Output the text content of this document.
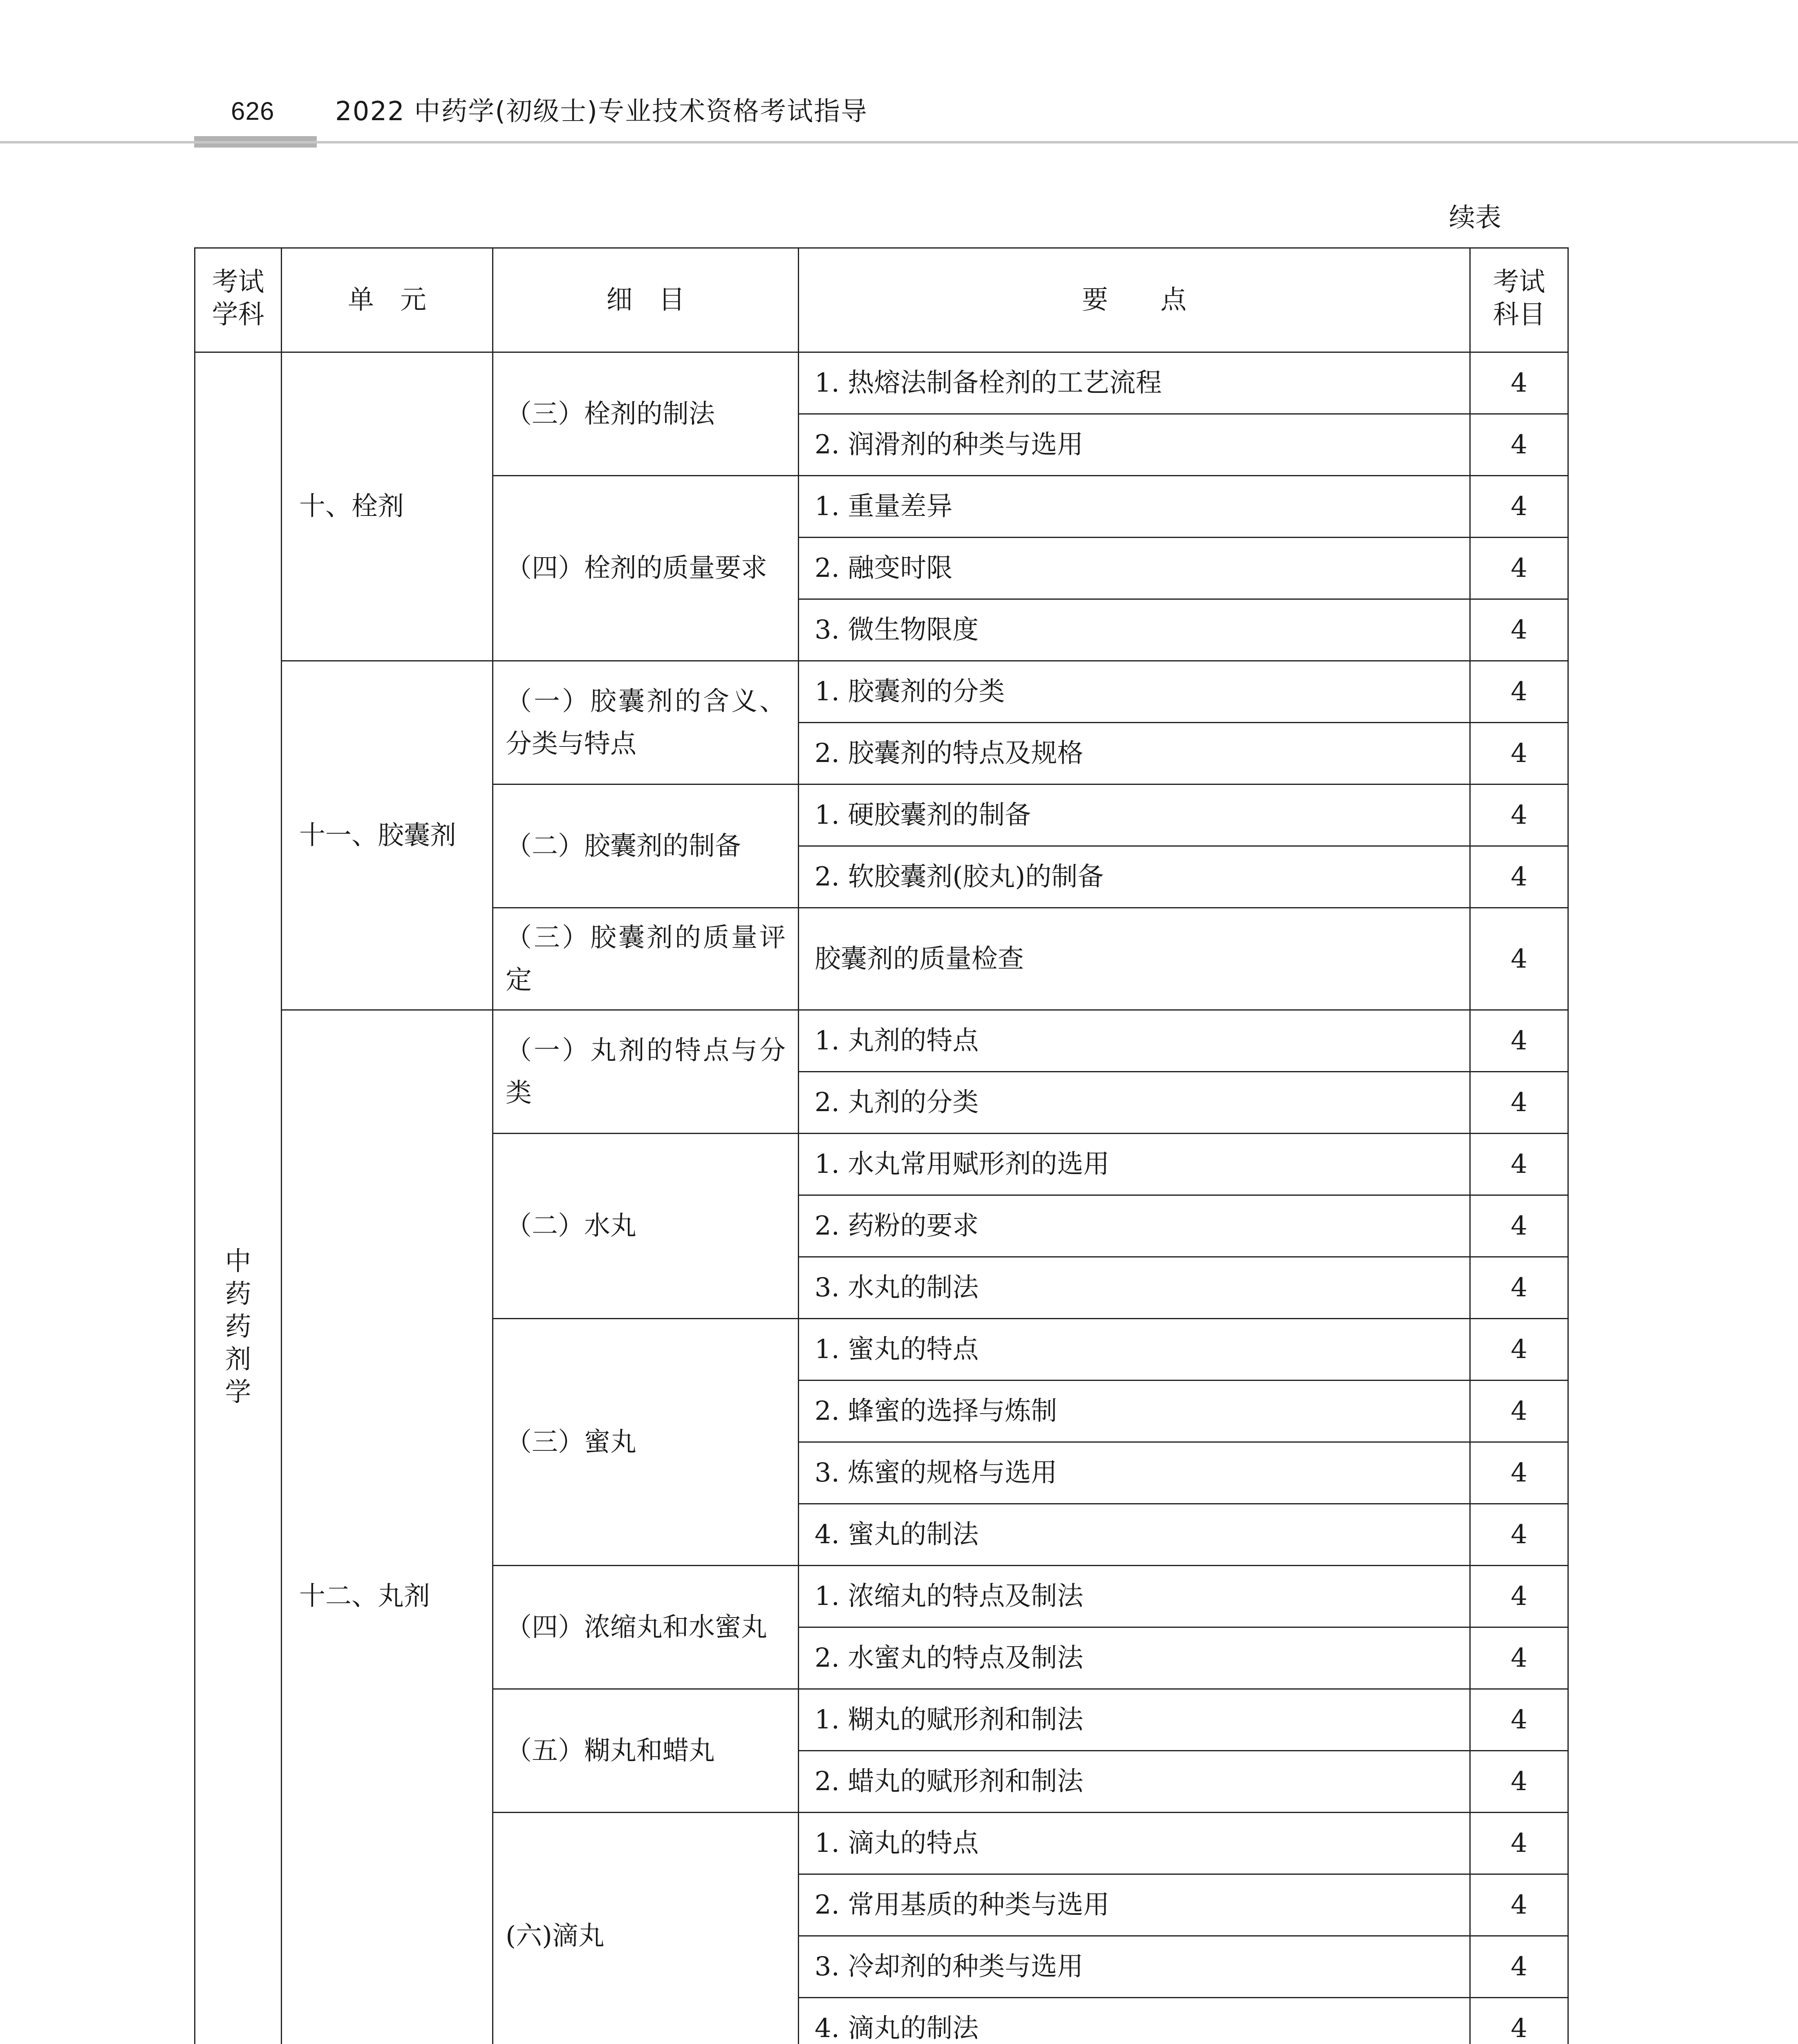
626 2022 中药学(初级士)专业技术资格考试指导
续表
考试学科	单　元	细　目	要　　点	考试科目
中药药剂学	十、栓剂	（三）栓剂的制法	1. 热熔法制备栓剂的工艺流程	4
			2. 润滑剂的种类与选用	4
		（四）栓剂的质量要求	1. 重量差异	4
			2. 融变时限	4
			3. 微生物限度	4
	十一、胶囊剂	（一）胶囊剂的含义、分类与特点	1. 胶囊剂的分类	4
			2. 胶囊剂的特点及规格	4
		（二）胶囊剂的制备	1. 硬胶囊剂的制备	4
			2. 软胶囊剂(胶丸)的制备	4
		（三）胶囊剂的质量评定	胶囊剂的质量检查	4
	十二、丸剂	（一）丸剂的特点与分类	1. 丸剂的特点	4
			2. 丸剂的分类	4
		（二）水丸	1. 水丸常用赋形剂的选用	4
			2. 药粉的要求	4
			3. 水丸的制法	4
		（三）蜜丸	1. 蜜丸的特点	4
			2. 蜂蜜的选择与炼制	4
			3. 炼蜜的规格与选用	4
			4. 蜜丸的制法	4
		（四）浓缩丸和水蜜丸	1. 浓缩丸的特点及制法	4
			2. 水蜜丸的特点及制法	4
		（五）糊丸和蜡丸	1. 糊丸的赋形剂和制法	4
			2. 蜡丸的赋形剂和制法	4
		(六)滴丸	1. 滴丸的特点	4
			2. 常用基质的种类与选用	4
			3. 冷却剂的种类与选用	4
			4. 滴丸的制法	4
